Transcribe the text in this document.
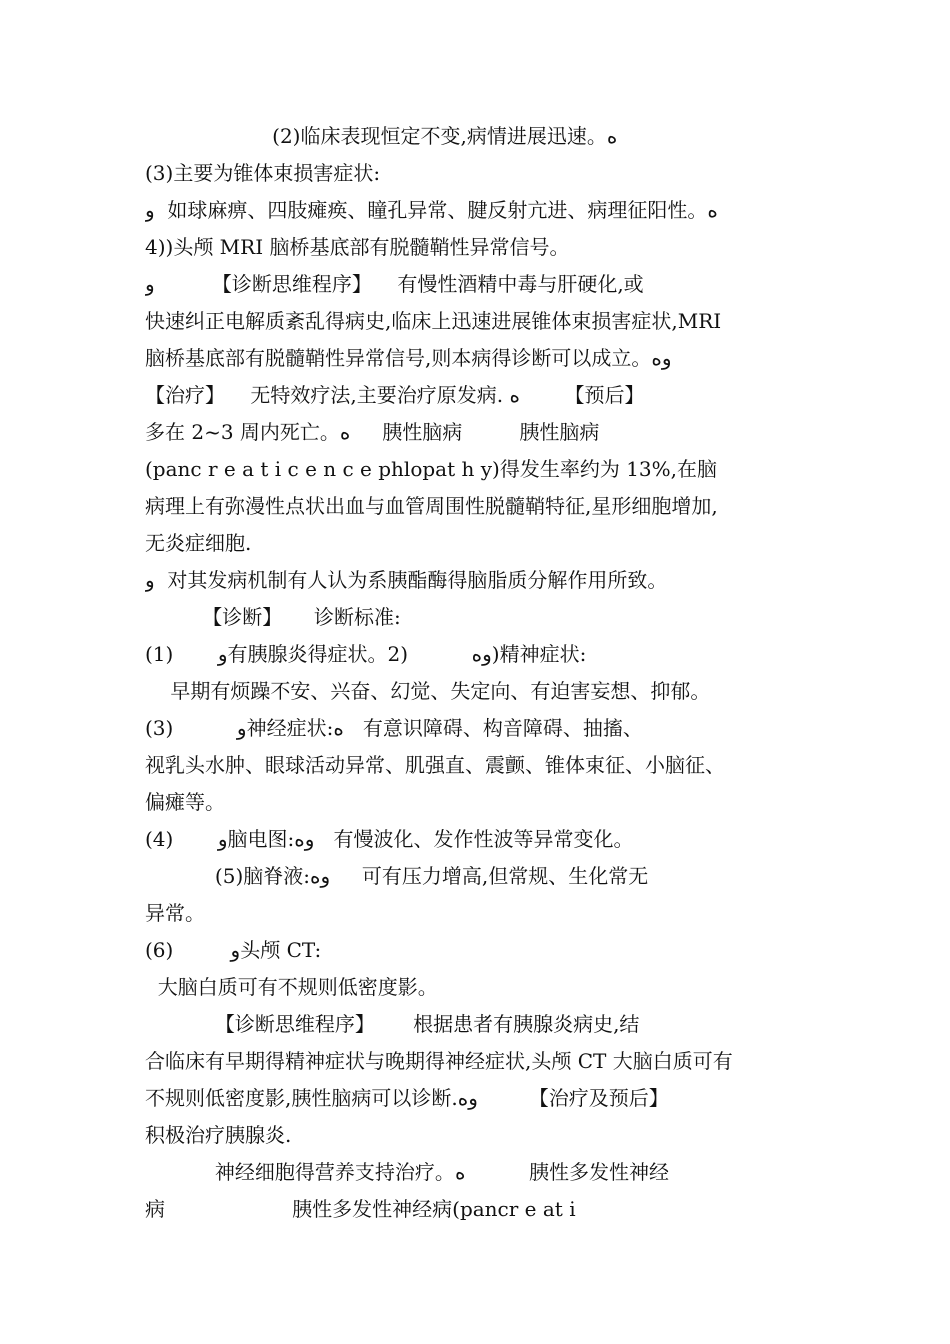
(2)临床表现恒定不变,病情进展迅速。ﻩ
(3)主要为锥体束损害症状:
ﻭ  如球麻痹、四肢瘫痪、瞳孔异常、腱反射亢进、病理征阳性。ﻩ
4))头颅 MRI 脑桥基底部有脱髓鞘性异常信号。
ﻭ         【诊断思维程序】    有慢性酒精中毒与肝硬化,或
快速纠正电解质紊乱得病史,临床上迅速进展锥体束损害症状,MRI
脑桥基底部有脱髓鞘性异常信号,则本病得诊断可以成立。ﻭﻩ
【治疗】    无特效疗法,主要治疗原发病. ﻩ       【预后】
多在 2~3 周内死亡。ﻩ     胰性脑病         胰性脑病
(panc r e a t i c e n c e phlopat h y)得发生率约为 13%,在脑
病理上有弥漫性点状出血与血管周围性脱髓鞘特征,星形细胞增加,
无炎症细胞.
ﻭ  对其发病机制有人认为系胰酯酶得脑脂质分解作用所致。
【诊断】     诊断标准:
(1)       ﻭ有胰腺炎得症状。2)          ﻭﻩ)精神症状:
早期有烦躁不安、兴奋、幻觉、失定向、有迫害妄想、抑郁。
(3)          ﻭ神经症状:ﻩ   有意识障碍、构音障碍、抽搐、
视乳头水肿、眼球活动异常、肌强直、震颤、锥体束征、小脑征、
偏瘫等。
(4)       ﻭ脑电图:ﻭﻩ   有慢波化、发作性波等异常变化。
(5)脑脊液:ﻭﻩ     可有压力增高,但常规、生化常无
异常。
(6)         ﻭ头颅 CT:
大脑白质可有不规则低密度影。
【诊断思维程序】      根据患者有胰腺炎病史,结
合临床有早期得精神症状与晚期得神经症状,头颅 CT 大脑白质可有
不规则低密度影,胰性脑病可以诊断.ﻭﻩ        【治疗及预后】
积极治疗胰腺炎.
神经细胞得营养支持治疗。ﻩ          胰性多发性神经
病                    胰性多发性神经病(pancr e at i
